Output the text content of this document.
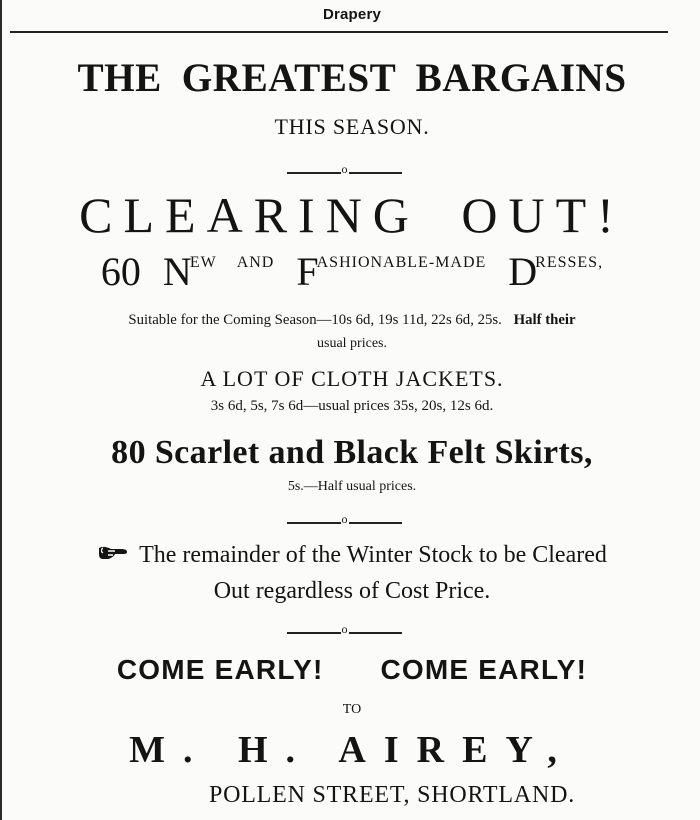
Drapery
THE GREATEST BARGAINS
THIS SEASON.
o
CLEARING OUT!
60 $N^{EW}$ $^{AND}$ $F^{ASHIONABLE-MADE}$ $D^{RESSES,}$
Suitable for the Coming Season—10s 6d, 19s 11d, 22s 6d, 25s. Half their
usual prices.
A LOT OF CLOTH JACKETS.
3s 6d, 5s, 7s 6d—usual prices 35s, 20s, 12s 6d.
80 Scarlet and Black Felt Skirts,
5s.—Half usual prices.
o
The remainder of the Winter Stock to be Cleared
Out regardless of Cost Price.
o
COME EARLY! COME EARLY!
TO
M. H. AIREY,
POLLEN STREET, SHORTLAND.
